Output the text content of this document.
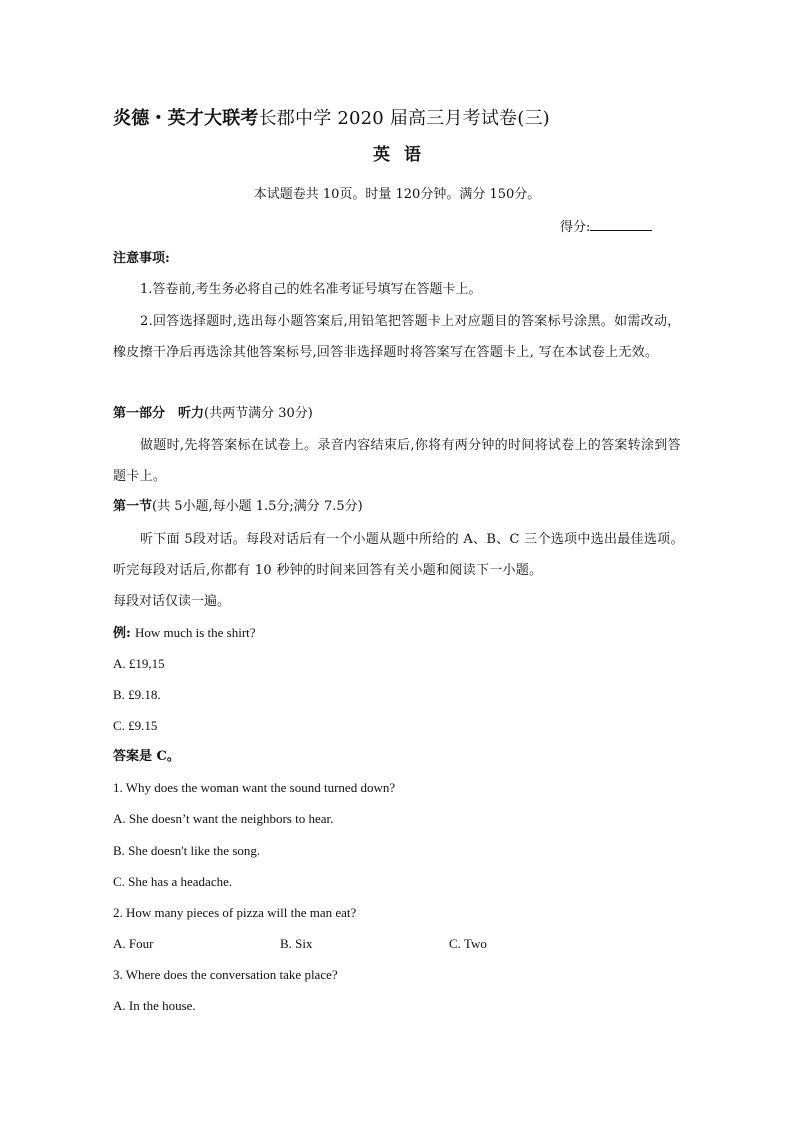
炎德・英才大联考长郡中学 2020 届高三月考试卷(三)
英语
本试题卷共 10页。时量 120分钟。满分 150分。
得分:
注意事项:
1.答卷前,考生务必将自己的姓名准考证号填写在答题卡上。
2.回答选择题时,选出每小题答案后,用铅笔把答题卡上对应题目的答案标号涂黑。如需改动，橡皮擦干净后再选涂其他答案标号,回答非选择题时将答案写在答题卡上, 写在本试卷上无效。
第一部分　听力(共两节满分 30分)
做题时,先将答案标在试卷上。录音内容结束后,你将有两分钟的时间将试卷上的答案转涂到答题卡上。
第一节(共 5小题,每小题 1.5分;满分 7.5分)
听下面 5段对话。每段对话后有一个小题从题中所给的 A、B、C 三个选项中选出最佳选项。听完每段对话后,你都有 10 秒钟的时间来回答有关小题和阅读下一小题。
每段对话仅读一遍。
例: How much is the shirt?
A. £19,15
B. £9.18.
C. £9.15
答案是 C。
1. Why does the woman want the sound turned down?
A. She doesn’t want the neighbors to hear.
B. She doesn't like the song.
C. She has a headache.
2. How many pieces of pizza will the man eat?
A. Four	B. Six	C. Two
3. Where does the conversation take place?
A. In the house.
